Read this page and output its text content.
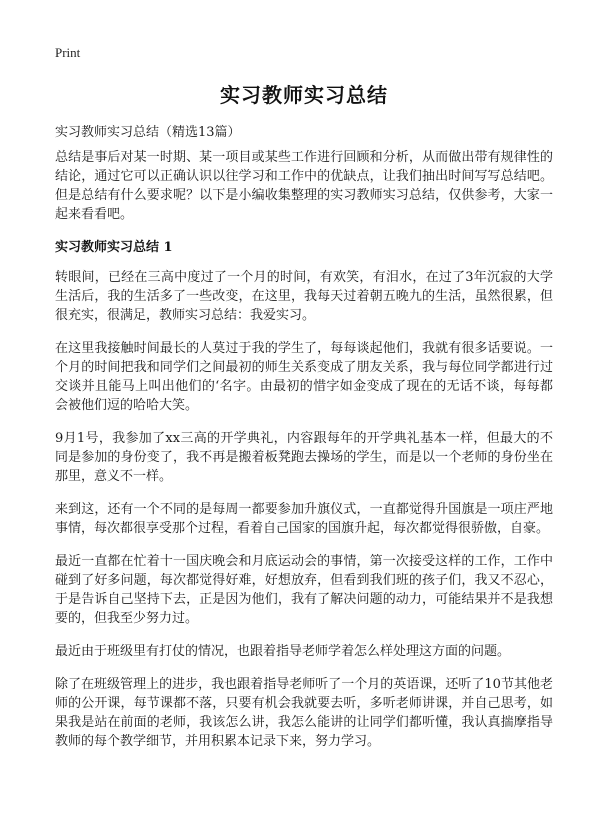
Print
实习教师实习总结

实习教师实习总结（精选13篇）

总结是事后对某一时期、某一项目或某些工作进行回顾和分析，从而做出带有规律性的结论，通过它可以正确认识以往学习和工作中的优缺点，让我们抽出时间写写总结吧。但是总结有什么要求呢？以下是小编收集整理的实习教师实习总结，仅供参考，大家一起来看看吧。

实习教师实习总结 1

转眼间，已经在三高中度过了一个月的时间，有欢笑，有泪水，在过了3年沉寂的大学生活后，我的生活多了一些改变，在这里，我每天过着朝五晚九的生活，虽然很累，但很充实，很满足，教师实习总结：我爱实习。

在这里我接触时间最长的人莫过于我的学生了，每每谈起他们，我就有很多话要说。一个月的时间把我和同学们之间最初的师生关系变成了朋友关系，我与每位同学都进行过交谈并且能马上叫出他们的‘名字。由最初的惜字如金变成了现在的无话不谈，每每都会被他们逗的哈哈大笑。

9月1号，我参加了xx三高的开学典礼，内容跟每年的开学典礼基本一样，但最大的不同是参加的身份变了，我不再是搬着板凳跑去操场的学生，而是以一个老师的身份坐在那里，意义不一样。

来到这，还有一个不同的是每周一都要参加升旗仪式，一直都觉得升国旗是一项庄严地事情，每次都很享受那个过程，看着自己国家的国旗升起，每次都觉得很骄傲，自豪。

最近一直都在忙着十一国庆晚会和月底运动会的事情，第一次接受这样的工作，工作中碰到了好多问题，每次都觉得好难，好想放弃，但看到我们班的孩子们，我又不忍心，于是告诉自己坚持下去，正是因为他们，我有了解决问题的动力，可能结果并不是我想要的，但我至少努力过。

最近由于班级里有打仗的情况，也跟着指导老师学着怎么样处理这方面的问题。

除了在班级管理上的进步，我也跟着指导老师听了一个月的英语课，还听了10节其他老师的公开课，每节课都不落，只要有机会我就要去听，多听老师讲课，并自己思考，如果我是站在前面的老师，我该怎么讲，我怎么能讲的让同学们都听懂，我认真揣摩指导教师的每个教学细节，并用积累本记录下来，努力学习。
